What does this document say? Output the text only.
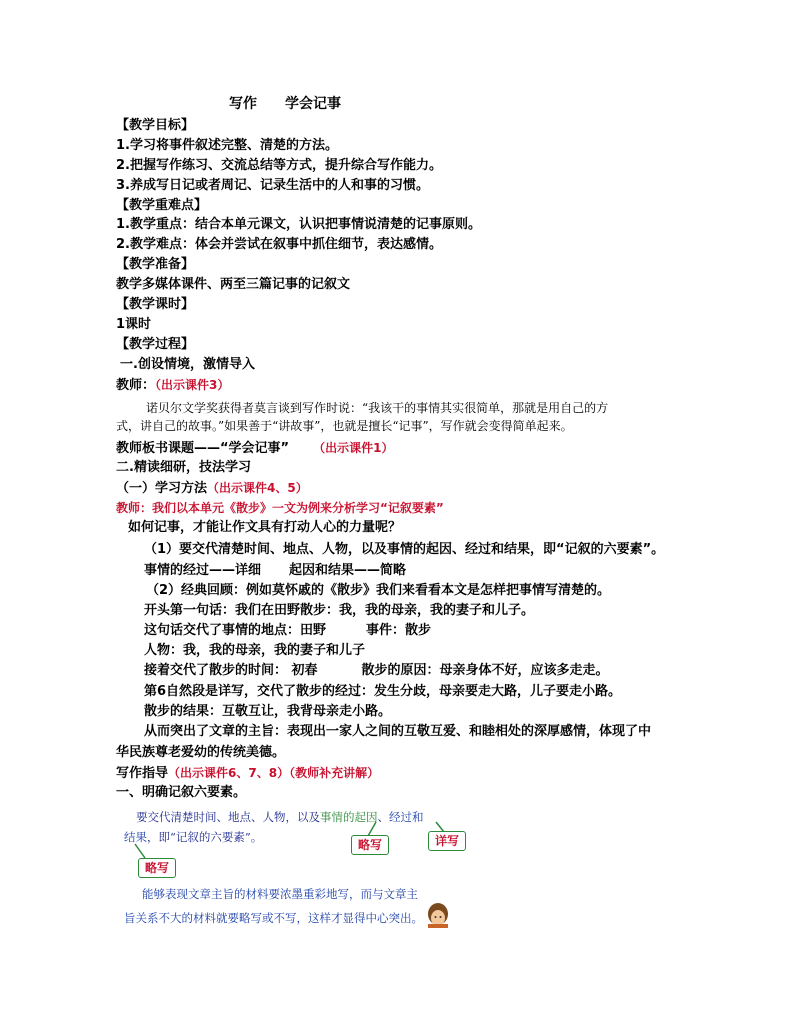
写作 学会记事
【教学目标】
1.学习将事件叙述完整、清楚的方法。
2.把握写作练习、交流总结等方式，提升综合写作能力。
3.养成写日记或者周记、记录生活中的人和事的习惯。
【教学重难点】
1.教学重点：结合本单元课文，认识把事情说清楚的记事原则。
2.教学难点：体会并尝试在叙事中抓住细节，表达感情。
【教学准备】
教学多媒体课件、两至三篇记事的记叙文
【教学课时】
1课时
【教学过程】
一.创设情境，激情导入
教师：（出示课件3）
诺贝尔文学奖获得者莫言谈到写作时说：“我该干的事情其实很简单，那就是用自己的方
式，讲自己的故事。”如果善于“讲故事”，也就是擅长“记事”，写作就会变得简单起来。
教师板书课题——“学会记事” （出示课件1）
二.精读细研，技法学习
（一）学习方法（出示课件4、5）
教师：我们以本单元《散步》一文为例来分析学习“记叙要素”
如何记事，才能让作文具有打动人心的力量呢？
（1）要交代清楚时间、地点、人物，以及事情的起因、经过和结果，即“记叙的六要素”。
事情的经过——详细 起因和结果——简略
（2）经典回顾：例如莫怀戚的《散步》我们来看看本文是怎样把事情写清楚的。
开头第一句话：我们在田野散步：我，我的母亲，我的妻子和儿子。
这句话交代了事情的地点：田野	事件：散步
人物：我，我的母亲，我的妻子和儿子
接着交代了散步的时间： 初春	散步的原因：母亲身体不好，应该多走走。
第6自然段是详写，交代了散步的经过：发生分歧，母亲要走大路，儿子要走小路。
散步的结果：互敬互让，我背母亲走小路。
从而突出了文章的主旨：表现出一家人之间的互敬互爱、和睦相处的深厚感情，体现了中
华民族尊老爱幼的传统美德。
写作指导（出示课件6、7、8）（教师补充讲解）
一、明确记叙六要素。
要交代清楚时间、地点、人物，以及事情的起因、经过和
结果，即“记叙的六要素”。
略写	详写
略写
能够表现文章主旨的材料要浓墨重彩地写，而与文章主
旨关系不大的材料就要略写或不写，这样才显得中心突出。
